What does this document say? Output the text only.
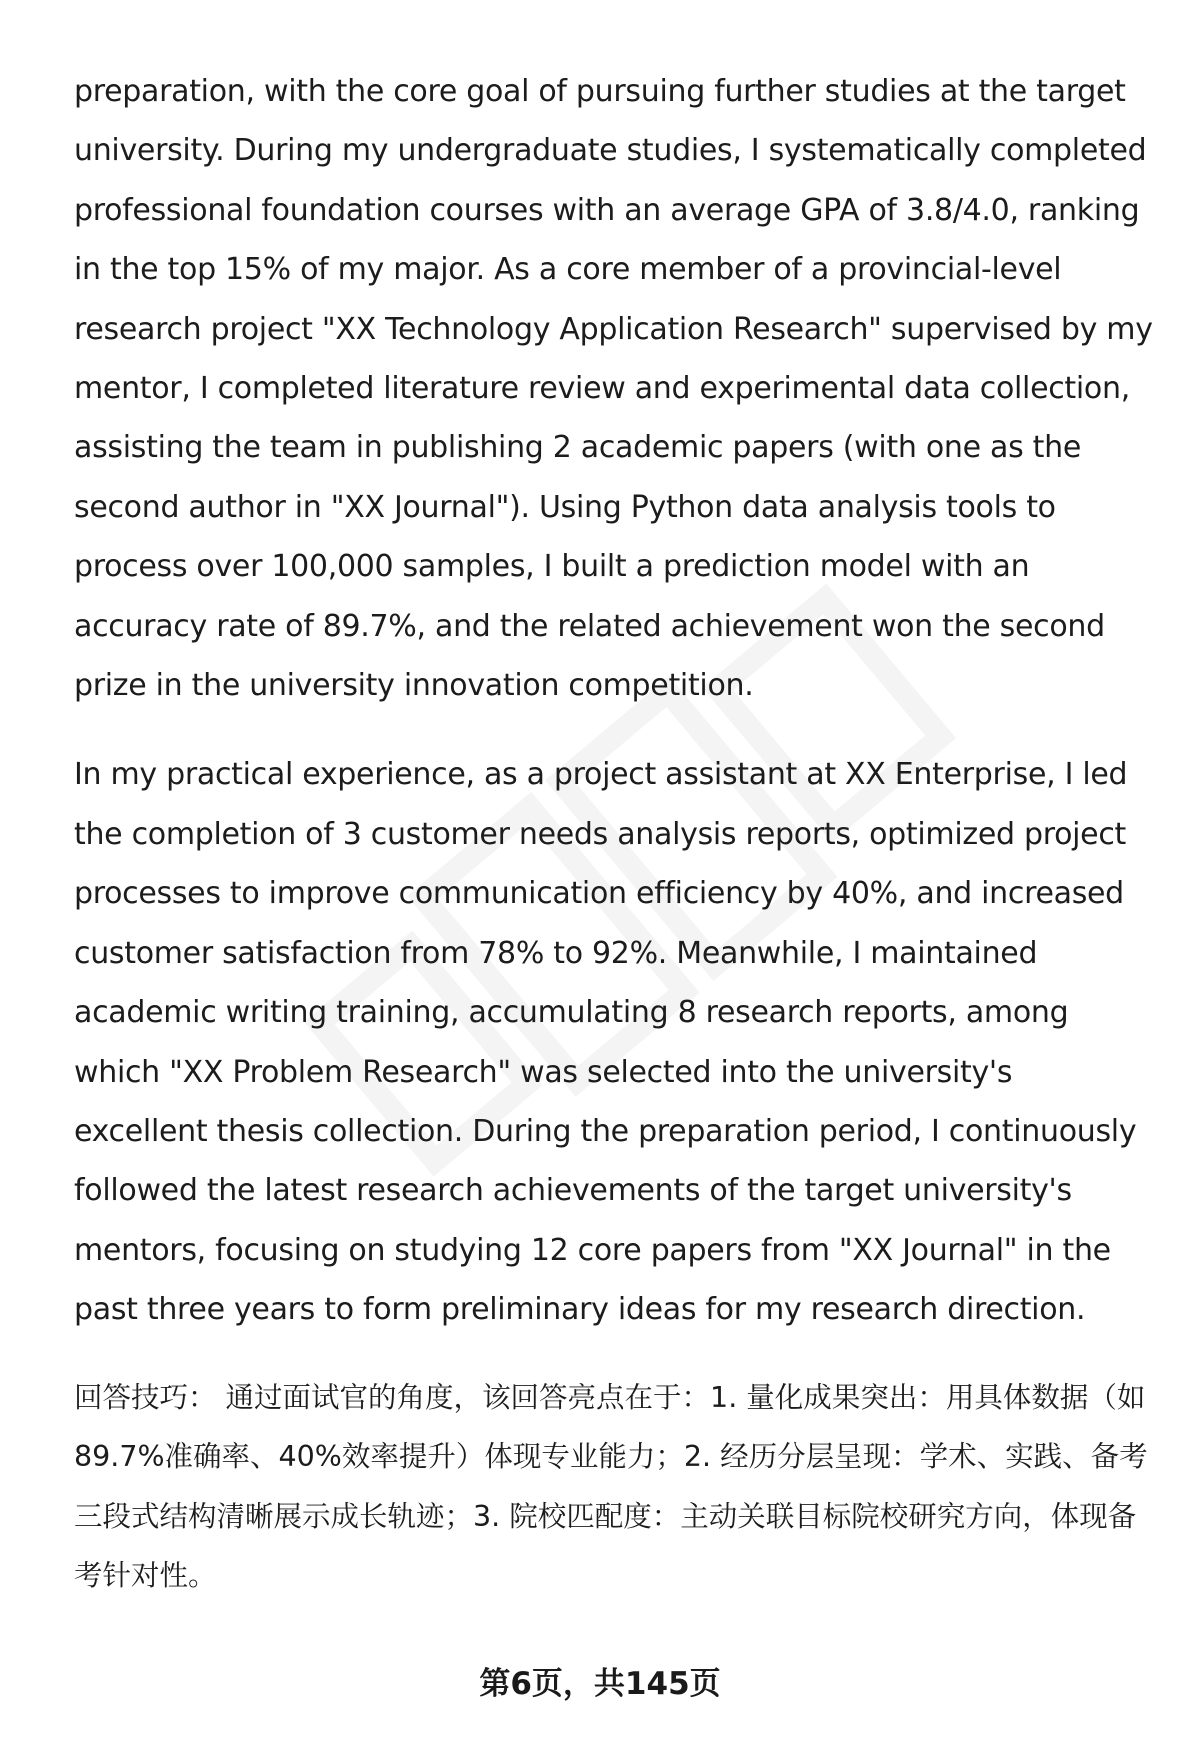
preparation, with the core goal of pursuing further studies at the target university. During my undergraduate studies, I systematically completed professional foundation courses with an average GPA of 3.8/4.0, ranking in the top 15% of my major. As a core member of a provincial-level research project "XX Technology Application Research" supervised by my mentor, I completed literature review and experimental data collection, assisting the team in publishing 2 academic papers (with one as the second author in "XX Journal"). Using Python data analysis tools to process over 100,000 samples, I built a prediction model with an accuracy rate of 89.7%, and the related achievement won the second prize in the university innovation competition.

In my practical experience, as a project assistant at XX Enterprise, I led the completion of 3 customer needs analysis reports, optimized project processes to improve communication efficiency by 40%, and increased customer satisfaction from 78% to 92%. Meanwhile, I maintained academic writing training, accumulating 8 research reports, among which "XX Problem Research" was selected into the university's excellent thesis collection. During the preparation period, I continuously followed the latest research achievements of the target university's mentors, focusing on studying 12 core papers from "XX Journal" in the past three years to form preliminary ideas for my research direction.

回答技巧： 通过面试官的角度，该回答亮点在于：1. 量化成果突出：用具体数据（如89.7%准确率、40%效率提升）体现专业能力；2. 经历分层呈现：学术、实践、备考三段式结构清晰展示成长轨迹；3. 院校匹配度：主动关联目标院校研究方向，体现备考针对性。

第6页，共145页
